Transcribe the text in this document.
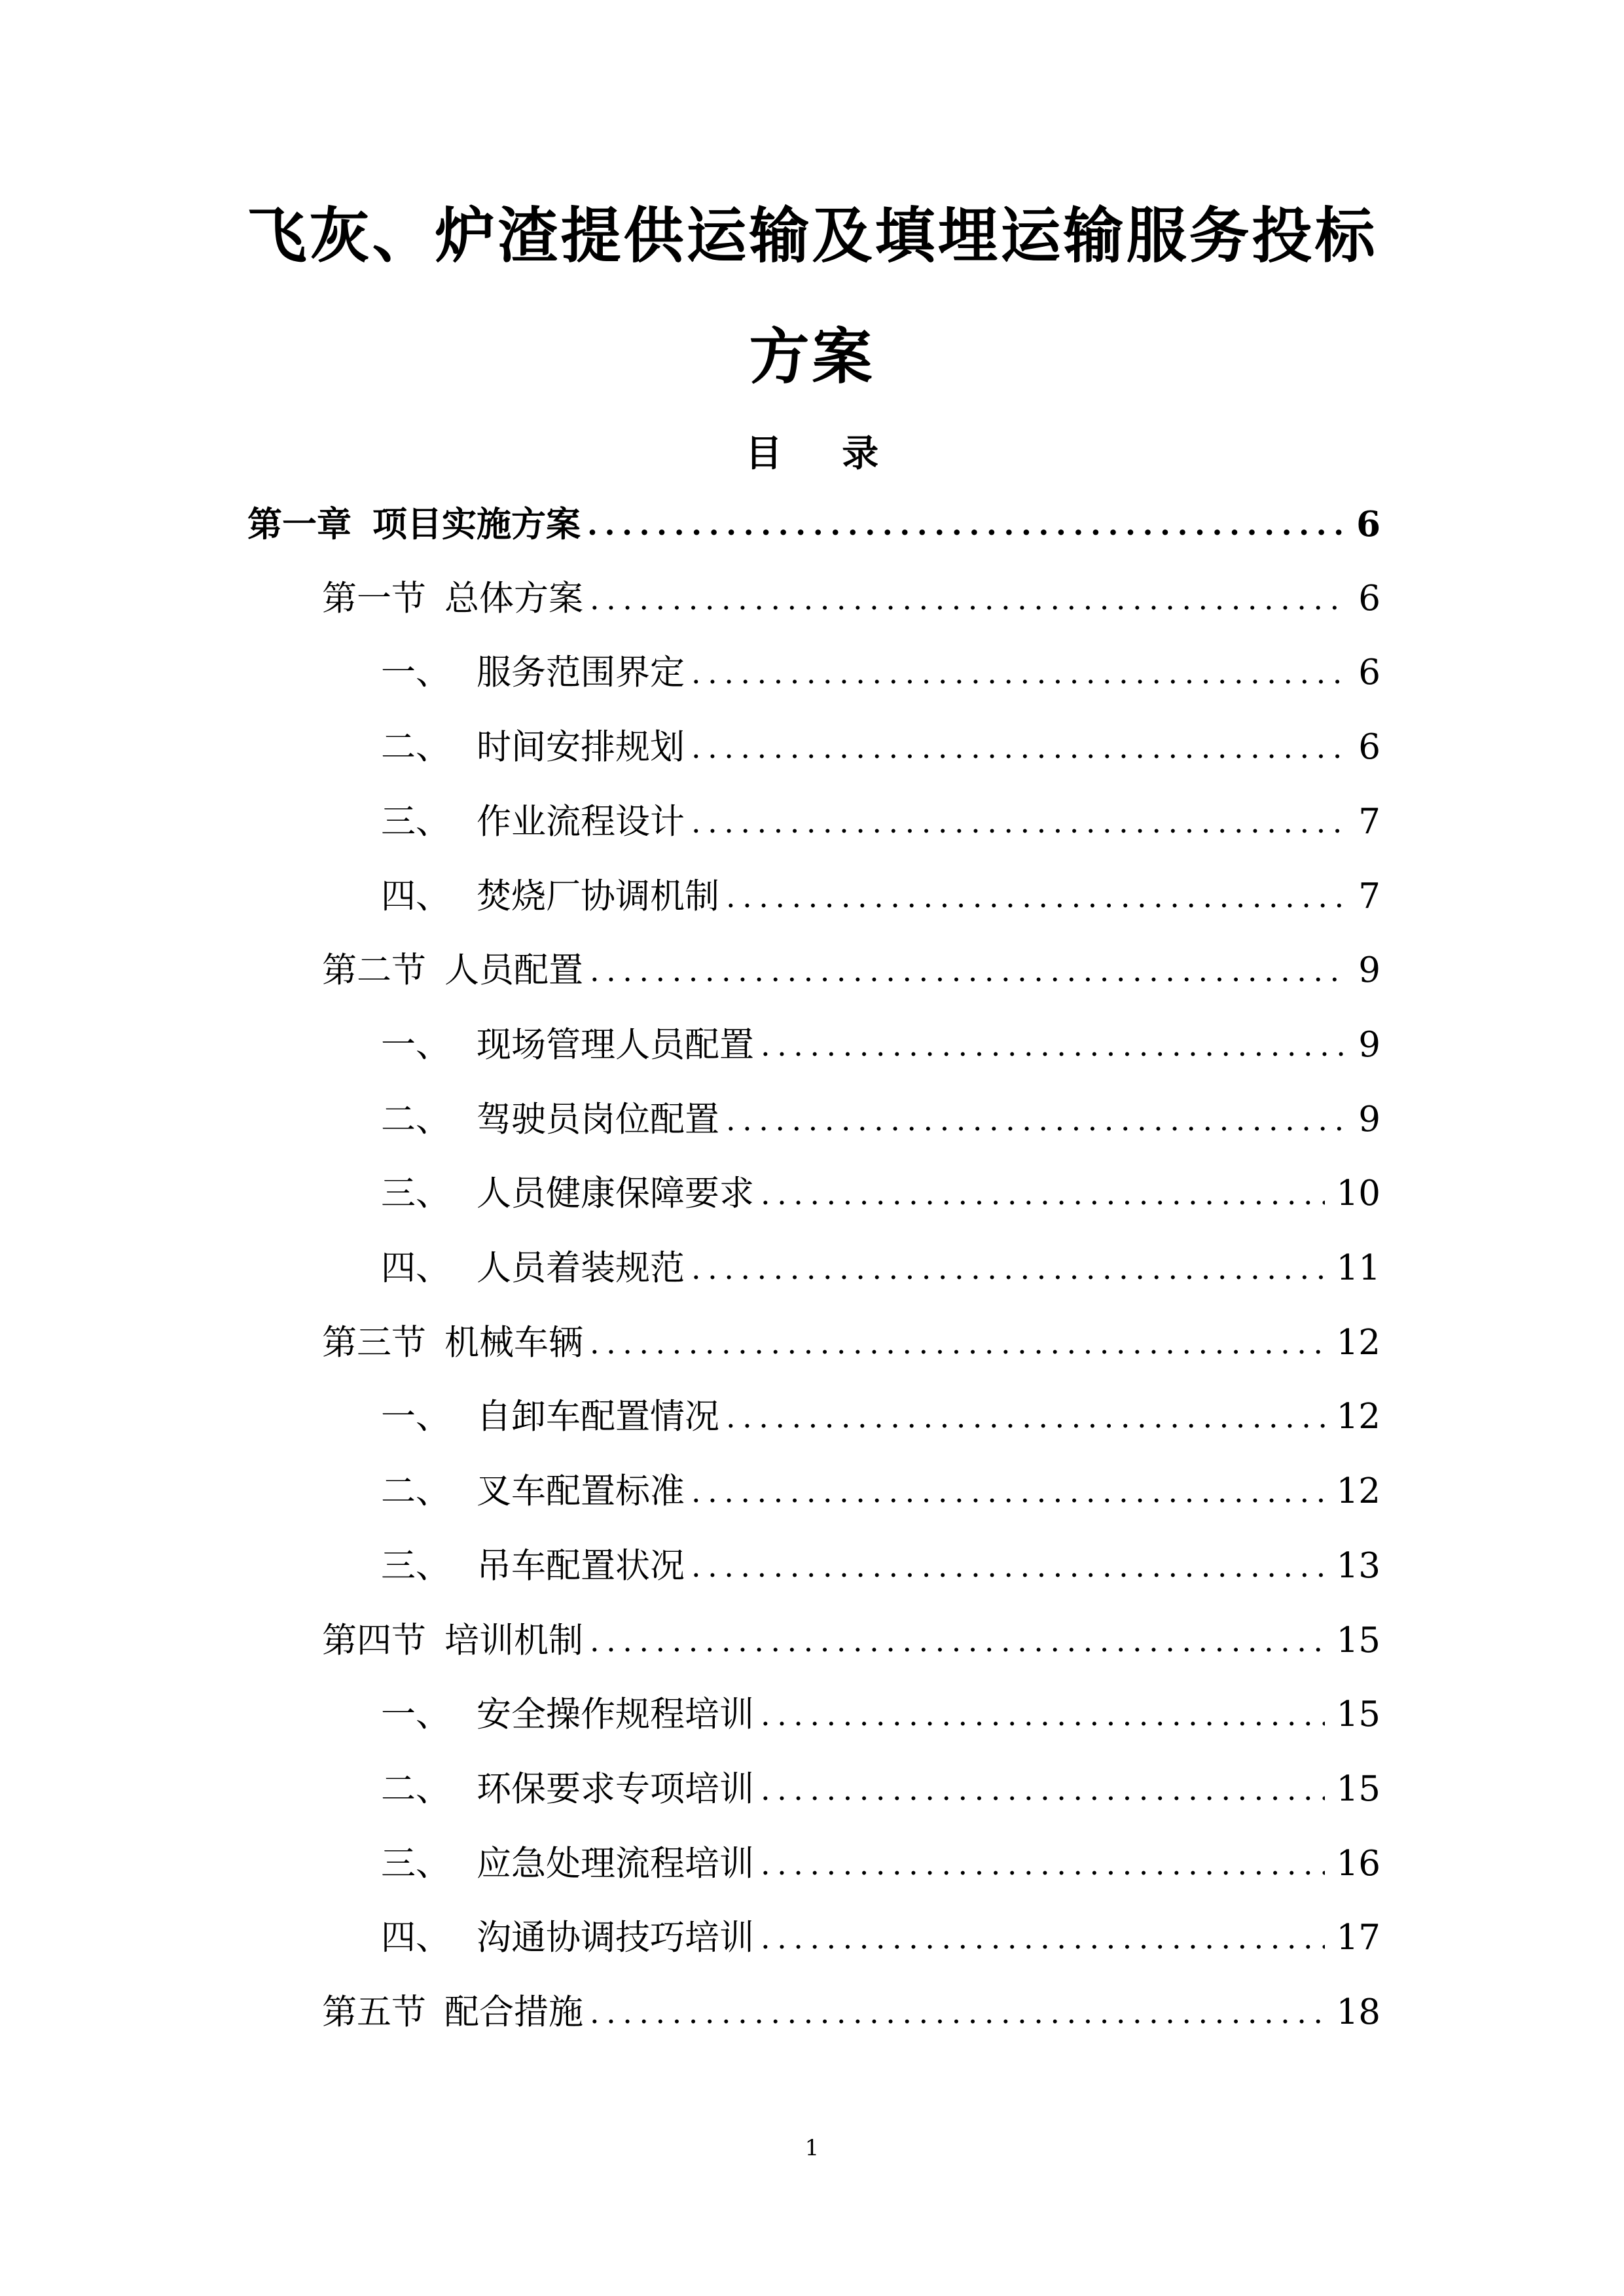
飞灰、炉渣提供运输及填埋运输服务投标
方案
目 录
第一章 项目实施方案 .....	6
第一节 总体方案 .....	6
一、 服务范围界定 .....	6
二、 时间安排规划 .....	6
三、 作业流程设计 .....	7
四、 焚烧厂协调机制 .....	7
第二节 人员配置 .....	9
一、 现场管理人员配置 .....	9
二、 驾驶员岗位配置 .....	9
三、 人员健康保障要求 .....	10
四、 人员着装规范 .....	11
第三节 机械车辆 .....	12
一、 自卸车配置情况 .....	12
二、 叉车配置标准 .....	12
三、 吊车配置状况 .....	13
第四节 培训机制 .....	15
一、 安全操作规程培训 .....	15
二、 环保要求专项培训 .....	15
三、 应急处理流程培训 .....	16
四、 沟通协调技巧培训 .....	17
第五节 配合措施 .....	18
1
